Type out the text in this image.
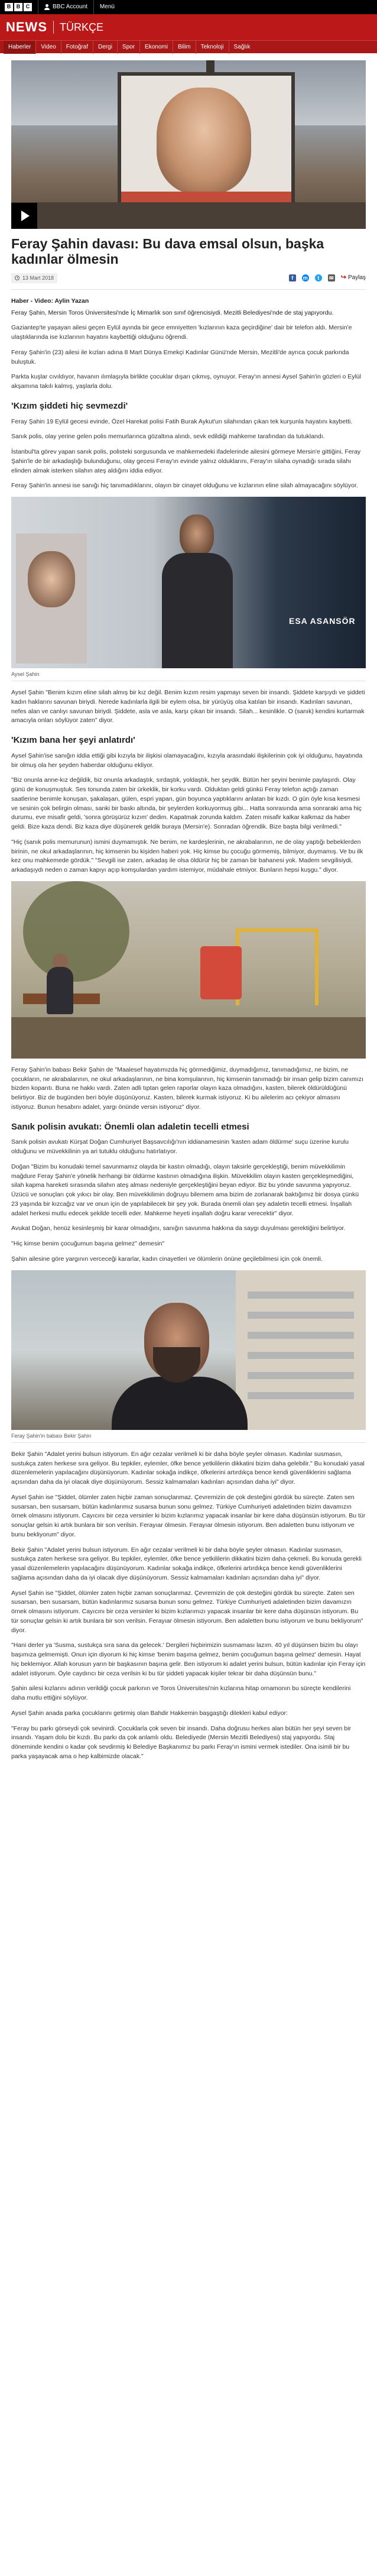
B	B	C	BBC Account Menü
NEWS TÜRKÇE
Haberler	Video	Fotoğraf	Dergi	Spor	Ekonomi	Bilim	Teknoloji	Sağlık
Feray Şahin davası: Bu dava emsal olsun, başka kadınlar ölmesin
13 Mart 2018	f	m	t	✉ ↪ Paylaş

Haber - Video: Aylin Yazan

Feray Şahin, Mersin Toros Üniversitesi'nde İç Mimarlık son sınıf öğrencisiydi. Mezitli Belediyesi'nde de staj yapıyordu.

Gaziantep'te yaşayan ailesi geçen Eylül ayında bir gece emniyetten 'kızlarının kaza geçirdiğine' dair bir telefon aldı. Mersin'e ulaştıklarında ise kızlarının hayatını kaybettiği olduğunu öğrendi.

Feray Şahin'in (23) ailesi ile kızları adına 8 Mart Dünya Emekçi Kadınlar Günü'nde Mersin, Mezitli'de ayrıca çocuk parkında buluştuk.

Parkta kuşlar cıvıldıyor, havanın ılımlaşıyla birlikte çocuklar dışarı çıkmış, oynuyor. Feray'ın annesi Aysel Şahin'in gözleri o Eylül akşamına takılı kalmış, yaşlarla dolu.

'Kızım şiddeti hiç sevmezdi'

Feray Şahin 19 Eylül gecesi evinde, Özel Harekat polisi Fatih Burak Aykut'un silahından çıkan tek kurşunla hayatını kaybetti.

Sanık polis, olay yerine gelen polis memurlarınca gözaltına alındı, sevk edildiği mahkeme tarafından da tutuklandı.

İstanbul'ta görev yapan sanık polis, polisteki sorgusunda ve mahkemedeki ifadelerinde ailesini görmeye Mersin'e gittiğini, Feray Şahin'le de bir arkadaşlığı bulunduğunu, olay gecesi Feray'ın evinde yalnız olduklarını, Feray'ın silaha oynadığı sırada silahı elinden almak isterken silahın ateş aldığını iddia ediyor.

Feray Şahin'in annesi ise sanığı hiç tanımadıklarını, olayın bir cinayet olduğunu ve kızlarının eline silah almayacağını söylüyor.

ESA ASANSÖR
Aysel Şahin

Aysel Şahin "Benim kızım eline silah almış bir kız değil. Benim kızım resim yapmayı seven bir insandı. Şiddete karşıydı ve şiddeti kadın haklarını savunan biriydi. Nerede kadınlarla ilgili bir eylem olsa, bir yürüyüş olsa katılan bir insandı. Kadınları savunan, nefes alan ve canlıyı savunan biriydi. Şiddete, asla ve asla, karşı çıkan bir insandı. Silah... kesinlikle. O (sanık) kendini kurtarmak amacıyla onları söylüyor zaten" diyor.

'Kızım bana her şeyi anlatırdı'

Aysel Şahin'ise sanığın iddia ettiği gibi kızıyla bir ilişkisi olamayacağını, kızıyla arasındaki ilişkilerinin çok iyi olduğunu, hayatında bir olmuş ola her şeyden haberdar olduğunu ekliyor.

"Biz onunla anne-kız değildik, biz onunla arkadaştık, sırdaştık, yoldaştık, her şeydik. Bütün her şeyini benimle paylaşırdı. Olay günü de konuşmuştuk. Ses tonunda zaten bir ürkeklik, bir korku vardı. Olduktan geldi günkü Feray telefon açtığı zaman saatlerine benimle konuşan, şakalaşan, gülen, espri yapan, gün boyunca yaptıklarını anlatan bir kızdı. O gün öyle kısa kesmesi ve sesinin çok belirgin olması, sanki bir baskı altında, bir şeylerden korkuyormuş gibi... Hatta sonrasında ama sonraraki ama hiç durumu, eve misafir geldi, 'sonra görüşürüz kızım' dedim. Kapatmak zorunda kaldım. Zaten misafir kalkar kalkmaz da haber geldi. Bize kaza dendi. Biz kaza diye düşünerek geldik buraya (Mersin'e). Sonradan öğrendik. Bize başta bilgi verilmedi."

"Hiç (sanık polis memurunun) ismini duymamıştık. Ne benim, ne kardeşlerinin, ne akrabalarının, ne de olay yaptığı bebeklerden birinin, ne okul arkadaşlarının, hiç kimsenin bu kişiden haberi yok. Hiç kimse bu çocuğu görmemiş, bilmiyor, duymamış. Ve bu ilk kez onu mahkemede gördük." "Sevgili ise zaten, arkadaş ile olsa öldürür hiç bir zaman bir bahanesi yok. Madem sevgilisiydi, arkadaşıydı neden o zaman kapıyı açıp komşulardan yardım istemiyor, müdahale etmiyor. Bunların hepsi kuşgu." diyor.

Feray Şahin'in babası Bekir Şahin de "Maalesef hayatımızda hiç görmediğimiz, duymadığımız, tanımadığımız, ne bizim, ne çocukların, ne akrabalarının, ne okul arkadaşlarının, ne bina komşularının, hiç kimsenin tanımadığı bir insan gelip bizim canımızı bizden koparıtı. Buna ne hakkı vardı. Zaten adli tıptan gelen raporlar olayın kaza olmadığını, kasten, bilerek öldürüldüğünü belirtiyor. Biz de bugünden beri böyle düşünüyoruz. Kasten, bilerek kurmak istiyoruz. Ki bu ailelerim acı çekiyor almasını istiyoruz. Bunun hesabını adalet, yargı önünde versin istiyoruz" diyor.

Sanık polisin avukatı: Önemli olan adaletin tecelli etmesi

Sanık polisin avukatı Kürşat Doğan Cumhuriyet Başsavcılığı'nın iddianamesinin 'kasten adam öldürme' suçu üzerine kurulu olduğunu ve müvekkilinin ya ari tutuklu olduğunu hatırlatıyor.

Doğan "Bizim bu konudaki temel savunmamız olayda bir kastın olmadığı, olayın taksirle gerçekleştiği, benim müvekkilimin mağdure Feray Şahin'e yönelik herhangi bir öldürme kastının olmadığına ilişkin. Müvekkilim olayın kasten gerçekleşmediğini, silah kapma hareketi sırasında silahın ateş alması nedeniyle gerçekleştiğini beyan ediyor. Biz bu yönde savunma yapıyoruz. Üzücü ve sonuçları çok yıkıcı bir olay. Ben müvekkilimin doğruyu bilemem ama bizim de zorlanarak baktığımız bir dosya çünkü 23 yaşında bir kızcağız var ve onun için de yapılabilecek bir şey yok. Burada önemli olan şey adaletin tecelli etmesi. İnşallah adalet herkesi mutlu edecek şekilde tecelli eder. Mahkeme heyeti inşallah doğru karar verecektir" diyor.

Avukat Doğan, henüz kesinleşmiş bir karar olmadığını, sanığın savunma hakkına da saygı duyulması gerektiğini belirtiyor.

"Hiç kimse benim çocuğumun başına gelmez" demesin"

Şahin ailesine göre yargının verceceği kararlar, kadın cinayetleri ve ölümlerin önüne geçilebilmesi için çok önemli.

Feray Şahin'in babası Bekir Şahin

Bekir Şahin "Adalet yerini bulsun istiyorum. En ağır cezalar verilmeli ki bir daha böyle şeyler olmasın. Kadınlar susmasın, sustukça zaten herkese sıra geliyor. Bu tepkiler, eylemler, öfke bence yetkililerin dikkatini bizim daha gelebilir." Bu konudaki yasal düzenlemelerin yapılacağını düşünüyorum. Kadınlar sokağa indikçe, öfkelerini artırdıkça bence kendi güvenliklerini sağlama açısından daha da iyi olacak diye düşünüyorum. Sessiz kalmamaları kadınları açısından daha iyi" diyor.

Aysel Şahin ise "Şiddet, ölümler zaten hiçbir zaman sonuçlanmaz. Çevremizin de çok desteğini gördük bu süreçte. Zaten sen susarsan, ben susarsam, bütün kadınlarımız susarsa bunun sonu gelmez. Türkiye Cumhuriyeti adaletinden bizim davamızın örnek olmasını istiyorum. Cayıcını bir ceza versinler ki bizim kızlarımız yapacak insanlar bir kere daha düşünsün istiyorum. Bu tür sonuçlar gelsin ki artık bunlara bir son verilsin. Ferayıar ölmesin. Ferayıar ölmesin istiyorum. Ben adaletten bunu istiyorum ve bunu bekliyorum" diyor.

Bekir Şahin "Adalet yerini bulsun istiyorum. En ağır cezalar verilmeli ki bir daha böyle şeyler olmasın. Kadınlar susmasın, sustukça zaten herkese sıra geliyor. Bu tepkiler, eylemler, öfke bence yetkililerin dikkatini bizim daha çekmeli. Bu konuda gerekli yasal düzenlemelerin yapılacağını düşünüyorum. Kadınlar sokağa indikçe, öfkelerini artırdıkça bence kendi güvenliklerini sağlama açısından daha da iyi olacak diye düşünüyorum. Sessiz kalmamaları kadınları açısından daha iyi" diyor.

Aysel Şahin ise "Şiddet, ölümler zaten hiçbir zaman sonuçlanmaz. Çevremizin de çok desteğini gördük bu süreçte. Zaten sen susarsan, ben susarsam, bütün kadınlarımız susarsa bunun sonu gelmez. Türkiye Cumhuriyeti adaletinden bizim davamızın örnek olmasını istiyorum. Cayıcını bir ceza versinler ki bizim kızlarımızı yapacak insanlar bir kere daha düşünsün istiyorum. Bu tür sonuçlar gelsin ki artık bunlara bir son verilsin. Ferayıar ölmesin istiyorum. Ben adaletten bunu istiyorum ve bunu bekliyorum" diyor.

"Hani derler ya 'Susma, sustukça sıra sana da gelecek.' Dergileri hiçbirimizin susmaması lazım. 40 yıl düşünsen bizim bu olayı başımıza gelmemişti. Onun için diyorum ki hiç kimse 'benim başıma gelmez, benim çocuğumun başına gelmez' demesin. Hayat hiç beklemiyor. Allah korusun yarın bir başkasının başına gelir. Ben istiyorum ki adalet yerini bulsun, bütün kadınlar için Feray için adalet istiyorum. Öyle caydırıcı bir ceza verilsin ki bu tür şiddeti yapacak kişiler tekrar bir daha düşünsün bunu."

Şahin ailesi kızlarını adının verildiği çocuk parkının ve Toros Üniversitesi'nin kızlarına hitap ornamonın bu süreçte kendilerini daha mutlu ettiğini söylüyor.

Aysel Şahin anada parka çocuklarını getirmiş olan Bahdir Hakkemin başgaştığı dilekleri kabul ediyor:

"Feray bu parkı görseydi çok sevinirdi. Çocuklarla çok seven bir insandı. Daha doğrusu herkes alan bütün her şeyi seven bir insandı. Yaşam dolu bir kızdı. Bu parkı da çok anlamlı oldu. Belediyede (Mersin Mezitli Belediyesi) staj yapıyordu. Staj döneminde kendini o kadar çok sevdirmiş ki Belediye Başkanımız bu parkı Feray'ın ismini vermek istediler. Ona isimli bir bu parka yaşayacak ama o hep kalbimizde olacak."
